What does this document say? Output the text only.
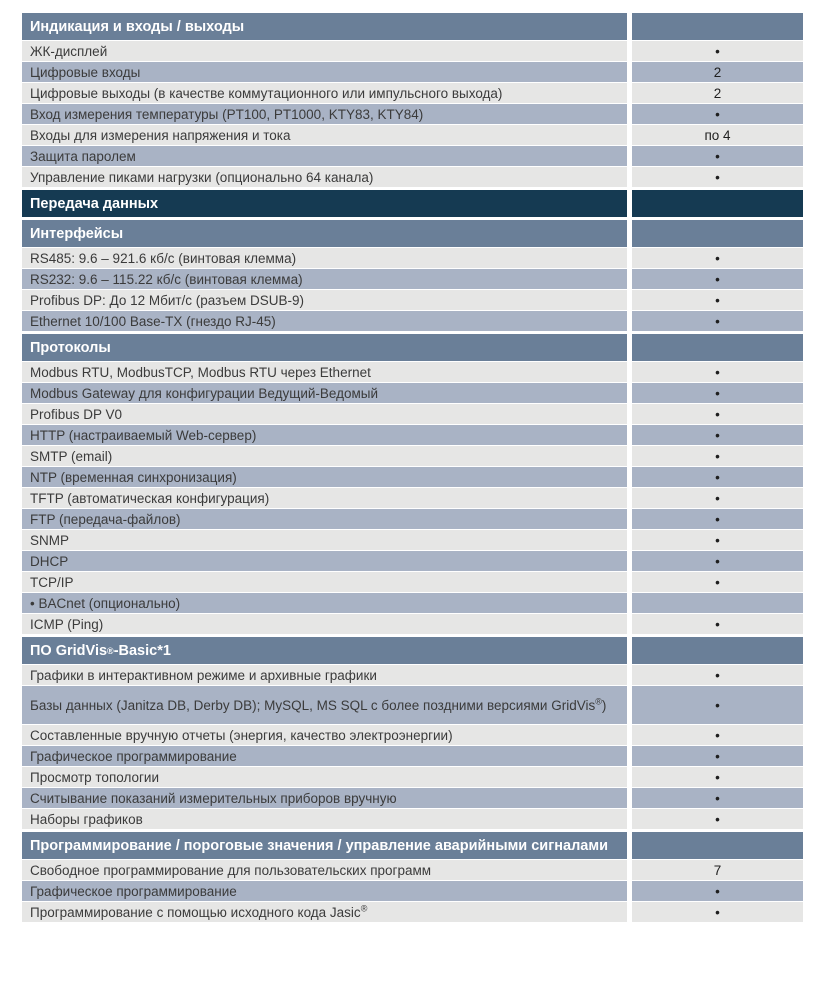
Индикация и входы / выходы
ЖК-дисплей	•
Цифровые входы	2
Цифровые выходы (в качестве коммутационного или импульсного выхода)	2
Вход измерения температуры (PT100, PT1000, KTY83, KTY84)	•
Входы для измерения напряжения и тока	по 4
Защита паролем	•
Управление пиками нагрузки (опционально 64 канала)	•
Передача данных
Интерфейсы
RS485: 9.6 – 921.6 кб/с (винтовая клемма)	•
RS232: 9.6 – 115.22 кб/с (винтовая клемма)	•
Profibus DP: До 12 Мбит/с (разъем DSUB-9)	•
Ethernet 10/100 Base-TX (гнездо RJ-45)	•
Протоколы
Modbus RTU, ModbusTCP, Modbus RTU через Ethernet	•
Modbus Gateway для конфигурации Ведущий-Ведомый	•
Profibus DP V0	•
HTTP (настраиваемый Web-сервер)	•
SMTP (email)	•
NTP (временная синхронизация)	•
TFTP (автоматическая конфигурация)	•
FTP (передача-файлов)	•
SNMP	•
DHCP	•
TCP/IP	•
• BACnet (опционально)
ICMP (Ping)	•
ПО GridVis ® -Basic*1
Графики в интерактивном режиме и архивные графики	•
Базы данных (Janitza DB, Derby DB); MySQL, MS SQL с более поздними версиями GridVis®)	•
Составленные вручную отчеты (энергия, качество электроэнергии)	•
Графическое программирование	•
Просмотр топологии	•
Считывание показаний измерительных приборов вручную	•
Наборы графиков	•
Программирование / пороговые значения / управление аварийными сигналами
Свободное программирование для пользовательских программ	7
Графическое программирование	•
Программирование с помощью исходного кода Jasic®	•
